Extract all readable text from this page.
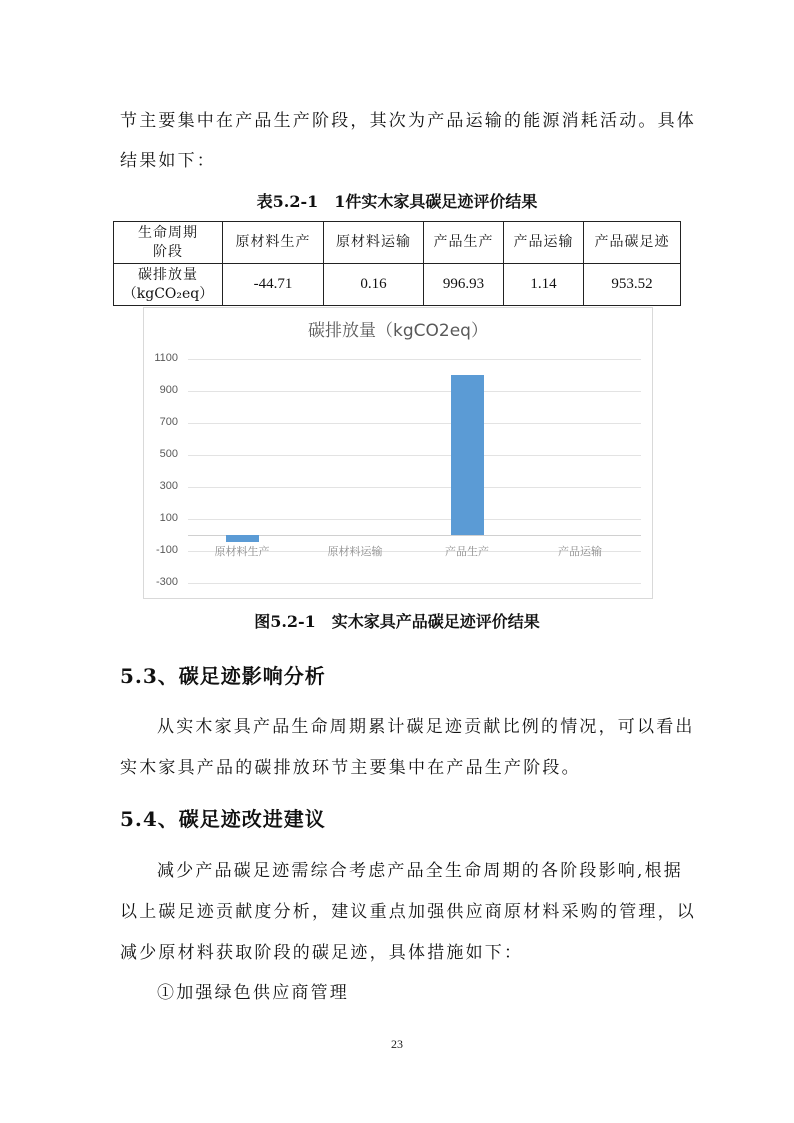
节主要集中在产品生产阶段，其次为产品运输的能源消耗活动。具体
结果如下：
表5.2-1　1件实木家具碳足迹评价结果
生命周期
阶段	原材料生产	原材料运输	产品生产	产品运输	产品碳足迹

碳排放量
（kgCO₂eq）	-44.71	0.16	996.93	1.14	953.52
碳排放量（kgCO2eq）
1100
900
700
500
300
100
-100
-300
原材料生产	原材料运输	产品生产	产品运输
图5.2-1　实木家具产品碳足迹评价结果
5.3、碳足迹影响分析
从实木家具产品生命周期累计碳足迹贡献比例的情况，可以看出
实木家具产品的碳排放环节主要集中在产品生产阶段。
5.4、碳足迹改进建议
减少产品碳足迹需综合考虑产品全生命周期的各阶段影响,根据
以上碳足迹贡献度分析，建议重点加强供应商原材料采购的管理，以
减少原材料获取阶段的碳足迹，具体措施如下：
①加强绿色供应商管理
23
